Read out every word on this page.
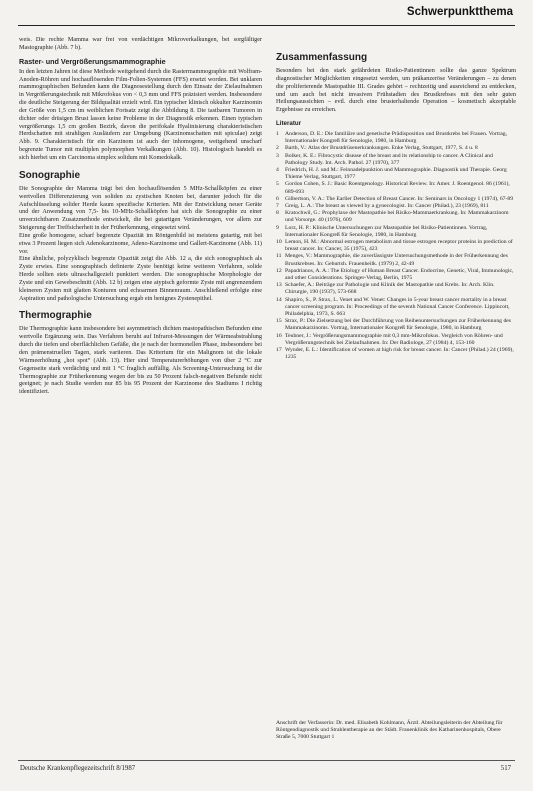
Schwerpunktthema

weis. Die rechte Mamma war frei von verdächtigen Mikroverkalkungen, bei sorgfältiger Mastographie (Abb. 7 b).

Raster- und Vergrößerungsmammographie

In den letzten Jahren ist diese Methode weitgehend durch die Rastermammographie mit Wolfram-Anoden-Röhren und hochauflösenden Film-Folien-Systemen (FFS) ersetzt worden. Bei unklaren mammographischen Befunden kann die Diagnosestellung durch den Einsatz der Zielaufnahmen in Vergrößerungstechnik mit Mikrofokus von < 0,3 mm und FFS präzisiert werden. Insbesondere die deutliche Steigerung der Bildqualität erzielt wird. Ein typischer klinisch okkulter Karzinomin der Größe von 1,5 cm im weiblichen Fortsatz zeigt die Abbildung 8. Die tastbaren Tumoren in dichter oder drüsigen Brust lassen keine Probleme in der Diagnostik erkennen. Einen typischen vergrößerungs 1,5 cm großen Bezirk, davon die perifokale Hyalinisierung charakteristischen Herdschatten mit strahligen Ausläufern zur Umgebung (Karzinomschatten mit spiculae) zeigt Abb. 9. Charakteristisch für ein Karzinom ist auch der inhomogene, weitgehend unscharf begrenzte Tumor mit multiplen polymorphen Verkalkungen (Abb. 10). Histologisch handelt es sich hierbei um ein Carcinoma simplex solidum mit Komedokalk.

Sonographie

Die Sonographie der Mamma trägt bei den hochauflösenden 5 MHz-Schallköpfen zu einer wertvollen Differenzierung von soliden zu zystischen Knoten bei, darunter jedoch für die Aufschlüsselung solider Herde kaum spezifische Kriterien. Mit der Entwicklung neuer Geräte und der Anwendung von 7,5- bis 10-MHz-Schallköpfen hat sich die Sonographie zu einer unverzichtbaren Zusatzmethode entwickelt, die bei gutartigen Veränderungen, vor allem zur Steigerung der Treffsicherheit in der Früherkennung, eingesetzt wird.

Eine große homogene, scharf begrenzte Opazität im Röntgenbild ist meistens gutartig, mit bei etwa 3 Prozent liegen sich Adenokarzinome, Adeno-Karzinome und Gallert-Karzinome (Abb. 11) vor.

Eine ähnliche, polyzyklisch begrenzte Opazität zeigt die Abb. 12 a, die sich sonographisch als Zyste erwies. Eine sonographisch definierte Zyste benötigt keine weiteren Verfahren, solide Herde sollten stets ultraschallgezielt punktiert werden. Die sonographische Morphologie der Zyste und ein Gewebeschnitt (Abb. 12 b) zeigen eine atypisch geformte Zyste mit angrenzendem kleineren Zysten mit glatten Konturen und echoarmen Binnenraum. Anschließend erfolgte eine Aspiration und pathologische Untersuchung ergab ein benignes Zystenepithel.

Thermographie

Die Thermographie kann insbesondere bei asymmetrisch dichten mastopathischen Befunden eine wertvolle Ergänzung sein. Das Verfahren beruht auf Infrarot-Messungen der Wärmeabstrahlung durch die tiefen und oberflächlichen Gefäße, die je nach der hormonellen Phase, insbesondere bei den prämenstruellen Tagen, stark variieren. Das Kriterium für ein Malignom ist die lokale Wärmeerhöhung „hot spot“ (Abb. 13). Hier sind Temperaturerhöhungen von über 2 °C zur Gegenseite stark verdächtig und mit 1 °C fraglich auffällig. Als Screening-Untersuchung ist die Thermographie zur Früherkennung wegen der bis zu 50 Prozent falsch-negativen Befunde nicht geeignet; je nach Studie werden nur 85 bis 95 Prozent der Karzinome des Stadiums I richtig identifiziert.

Zusammenfassung

Besonders bei den stark gefährdeten Risiko-Patientinnen sollte das ganze Spektrum diagnostischer Möglichkeiten eingesetzt werden, um präkanzeröse Veränderungen – zu denen die proliferierende Mastopathie III. Grades gehört – rechtzeitig und ausreichend zu entdecken, und um auch bei nicht invasiven Frühstadien des Brustkrebses mit den sehr guten Heilungsaussichten – evtl. durch eine brusterhaltende Operation – kosmetisch akzeptable Ergebnisse zu erreichen.

Literatur
1 Anderson, D. E.: Die familiäre und genetische Prädisposition und Brustkrebs bei Frauen. Vortrag, Internationaler Kongreß für Senologie, 1980, in Hamburg
2 Barth, V.: Atlas der Brustdrüsenerkrankungen. Enke Verlag, Stuttgart, 1977, S. 4 u. 8
3 Bolker, K. E.: Fibrocystic disease of the breast and its relationship to cancer. A Clinical and Pathology Study. Int. Arch. Pathol. 27 (1970), 377
4 Friedrich, H. J. und M.: Feinnadelpunktion und Mammographie. Diagnostik und Therapie. Georg Thieme Verlag, Stuttgart, 1977
5 Gordon Cohen, S. J.: Basic Roentgenology. Historical Review. In: Amer. J. Roentgenol. 86 (1961), 689-693
6 Gilbertson, V. A.: The Earlier Detection of Breast Cancer. In: Seminars in Oncology 1 (1974), 67-89
7 Greig, L. A.: The breast as viewed by a gynecologist. In: Cancer (Philad.), 23 (1969), 811
8 Kratochwil, G.: Prophylaxe der Mastopathie bei Risiko-Mammaerkrankung. In: Mammakarzinom und Vorsorge. 40 (1976), 609
9 Lorz, H. P.: Klinische Untersuchungen zur Mastopathie bei Risiko-Patientinnen. Vortrag, Internationaler Kongreß für Senologie, 1980, in Hamburg
10 Lemon, H. M.: Abnormal estrogen metabolism and tissue estrogen receptor proteins in prediction of breast cancer. In: Cancer, 35 (1975), 423
11 Menges, V.: Mammographie, die zuverlässigste Untersuchungsmethode in der Früherkennung des Brustkrebses. In: Geburtsh. Frauenheilk. (1979) 2, 42-49
12 Papadrianos, A. A.: The Etiology of Human Breast Cancer. Endocrine, Genetic, Viral, Immunologic, and other Considerations. Springer-Verlag, Berlin, 1975
13 Schaefer, A.: Beiträge zur Pathologie und Klinik der Mastopathie und Krebs. In: Arch. Klin. Chirurgie, 190 (1937), 573-668
14 Shapiro, S., P. Strax, L. Venet and W. Venet: Changes in 5-year breast cancer mortality in a breast cancer screening program. In: Proceedings of the seventh National Cancer Conference. Lippincott, Philadelphia, 1973, S. 663
15 Strax, P.: Die Zielsetzung bei der Durchführung von Reihenuntersuchungen zur Früherkennung des Mammakarzinoms. Vortrag, Internationaler Kongreß für Senologie, 1980, in Hamburg
16 Teubner, J.: Vergrößerungsmammographie mit 0,3 mm-Mikrofokus. Vergleich von Röhren- und Vergrößerungstechnik bei Zielaufnahmen. In: Der Radiologe, 27 (1984) 4, 153-160
17 Wynder, E. L.: Identification of women at high risk for breast cancer. In: Cancer (Philad.) 24 (1969), 1235
Anschrift der Verfasserin: Dr. med. Elisabeth Kohlmann, Ärztl. Abteilungsleiterin der Abteilung für Röntgendiagnostik und Strahlentherapie an der Städt. Frauenklinik des Katharinenhospitals, Obere Straße 5, 7000 Stuttgart 1
Deutsche Krankenpflegezeitschrift 8/1987	517
